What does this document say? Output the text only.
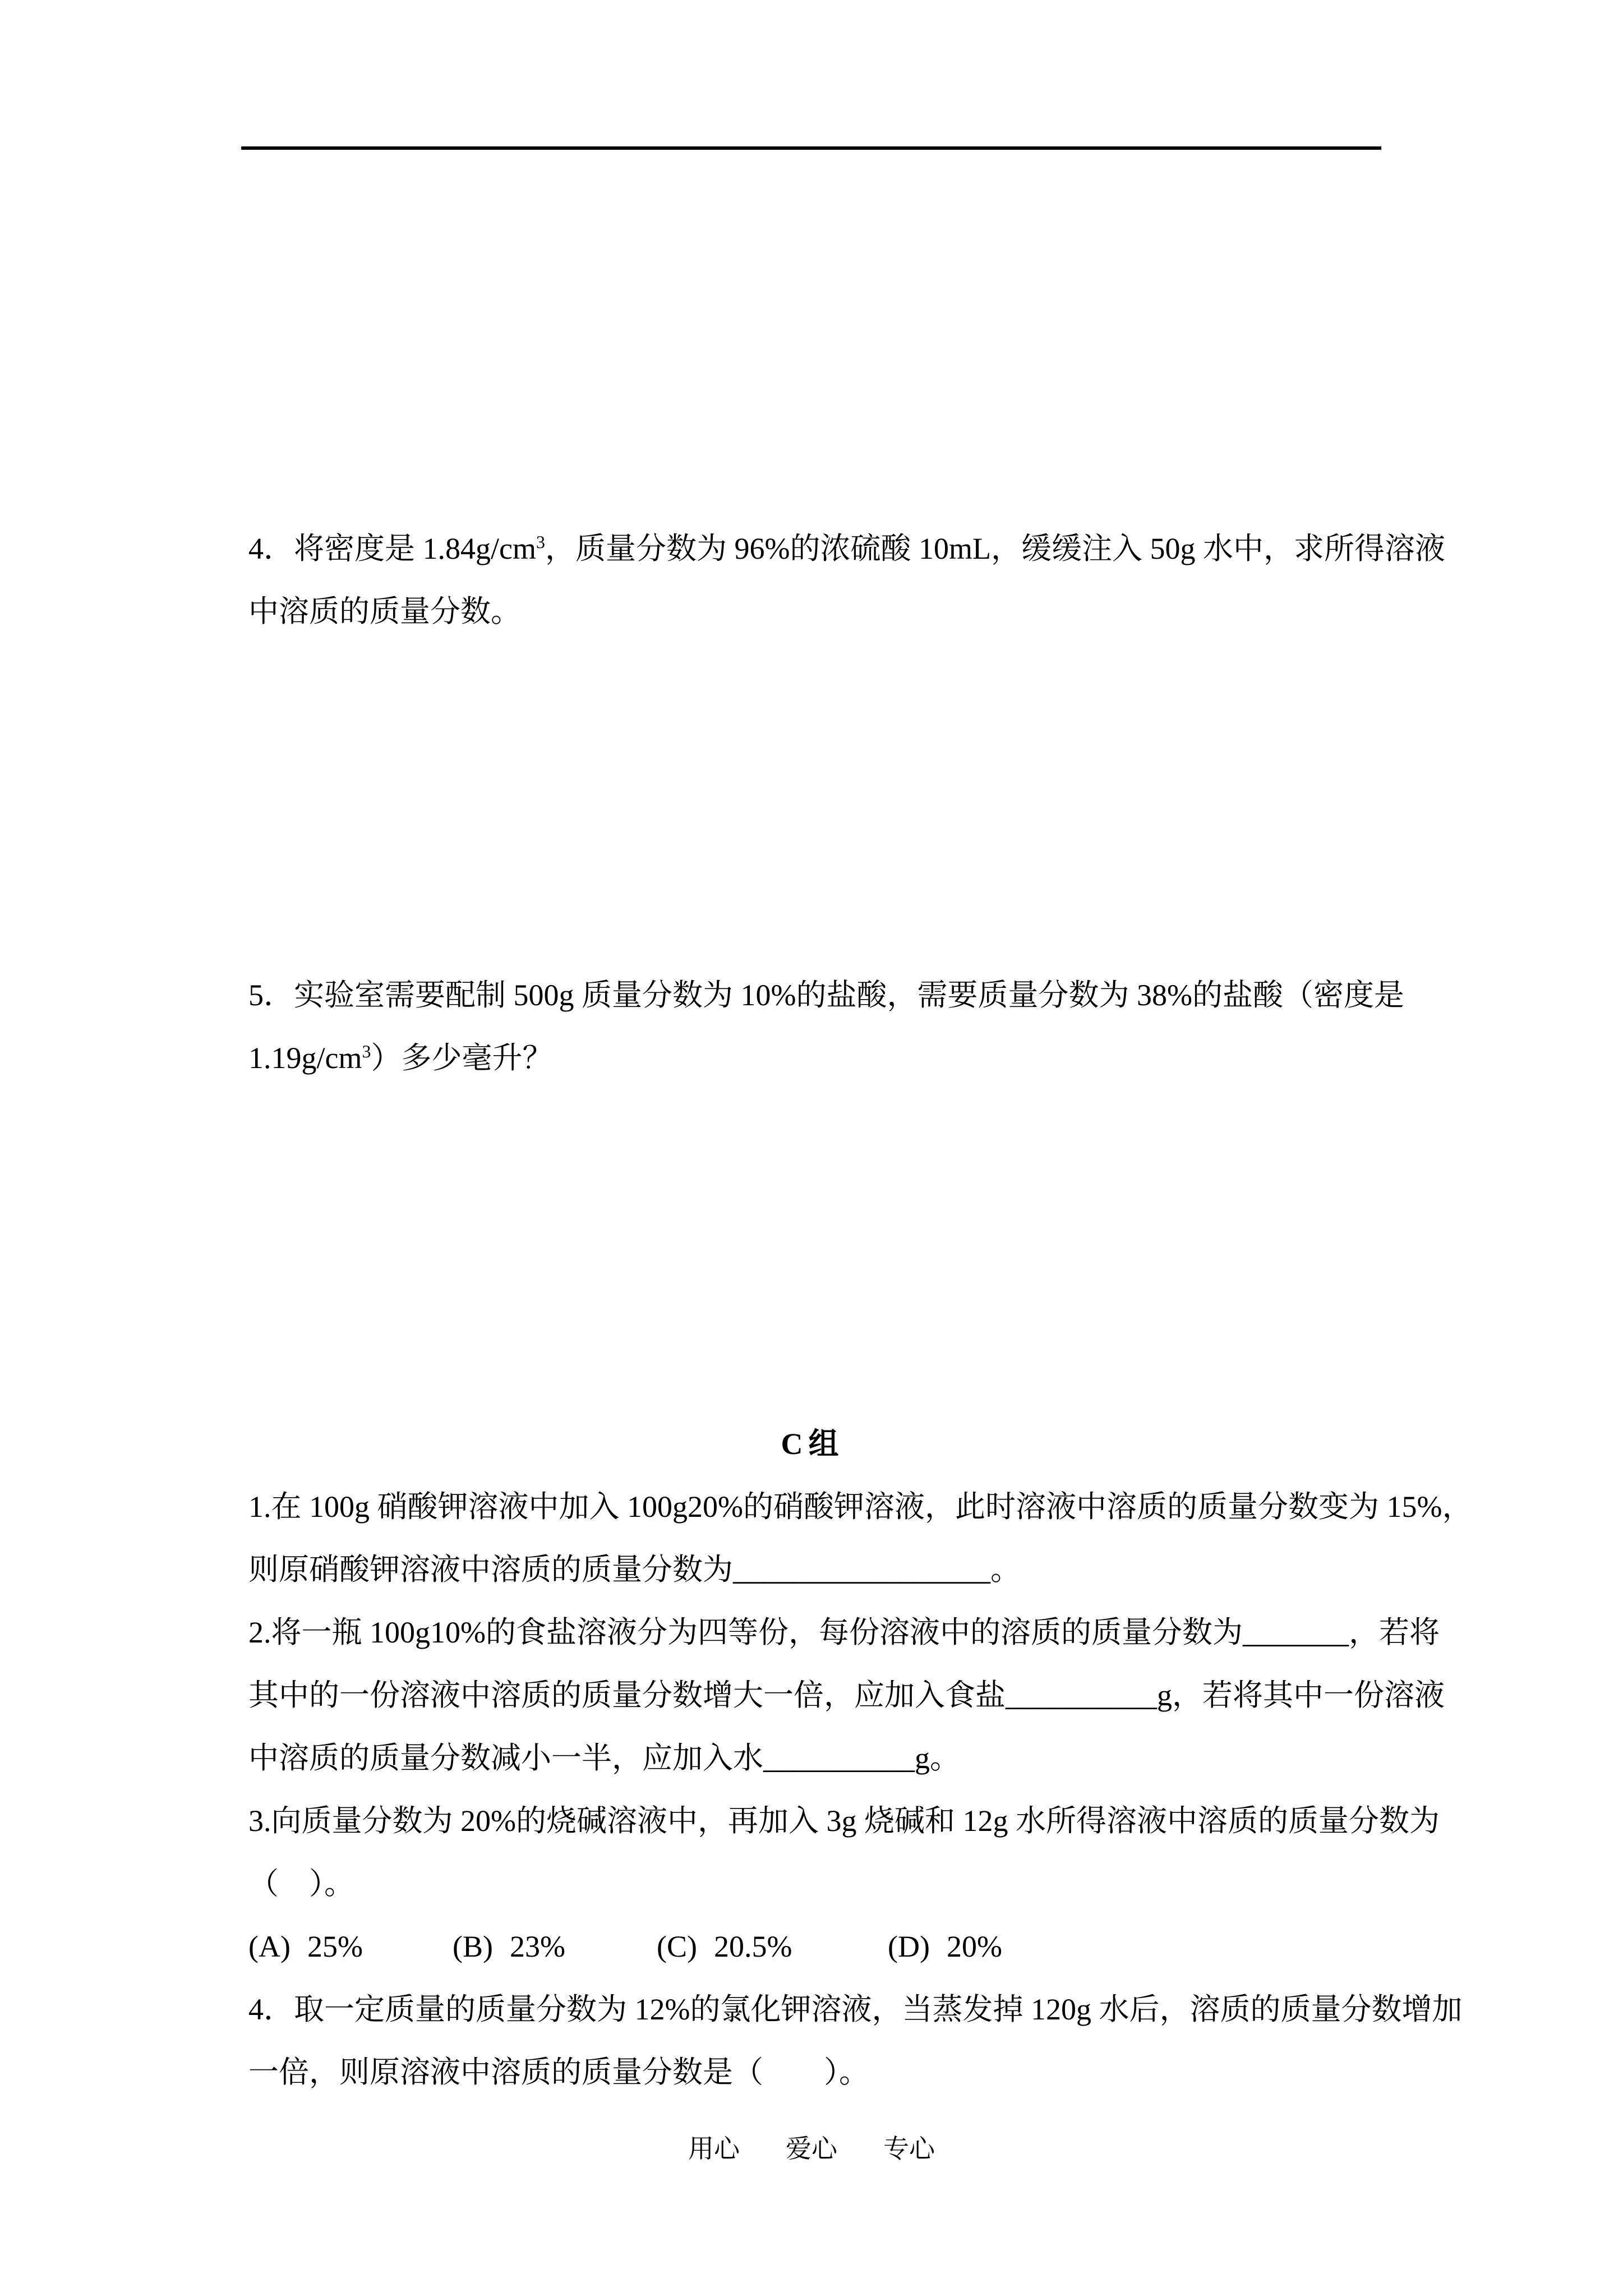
4．将密度是 $1.84g/cm^3$，质量分数为 96%的浓硫酸 10mL，缓缓注入 50g 水中，求所得溶液
中溶质的质量分数。
5．实验室需要配制 500g 质量分数为 10%的盐酸，需要质量分数为 38%的盐酸（密度是
$1.19g/cm^3$）多少毫升？
C组
1.在 100g 硝酸钾溶液中加入 100g20%的硝酸钾溶液，此时溶液中溶质的质量分数变为 15%，
则原硝酸钾溶液中溶质的质量分数为_________________。
2.将一瓶 100g10%的食盐溶液分为四等份，每份溶液中的溶质的质量分数为_______，若将
其中的一份溶液中溶质的质量分数增大一倍，应加入食盐__________g，若将其中一份溶液
中溶质的质量分数减小一半，应加入水__________g。
3.向质量分数为 20%的烧碱溶液中，再加入 3g 烧碱和 12g 水所得溶液中溶质的质量分数为
（　）。
(A) 25%	(B) 23%	(C) 20.5%	(D) 20%
4．取一定质量的质量分数为 12%的氯化钾溶液，当蒸发掉 120g 水后，溶质的质量分数增加
一倍，则原溶液中溶质的质量分数是（　　）。
用心 爱心 专心
